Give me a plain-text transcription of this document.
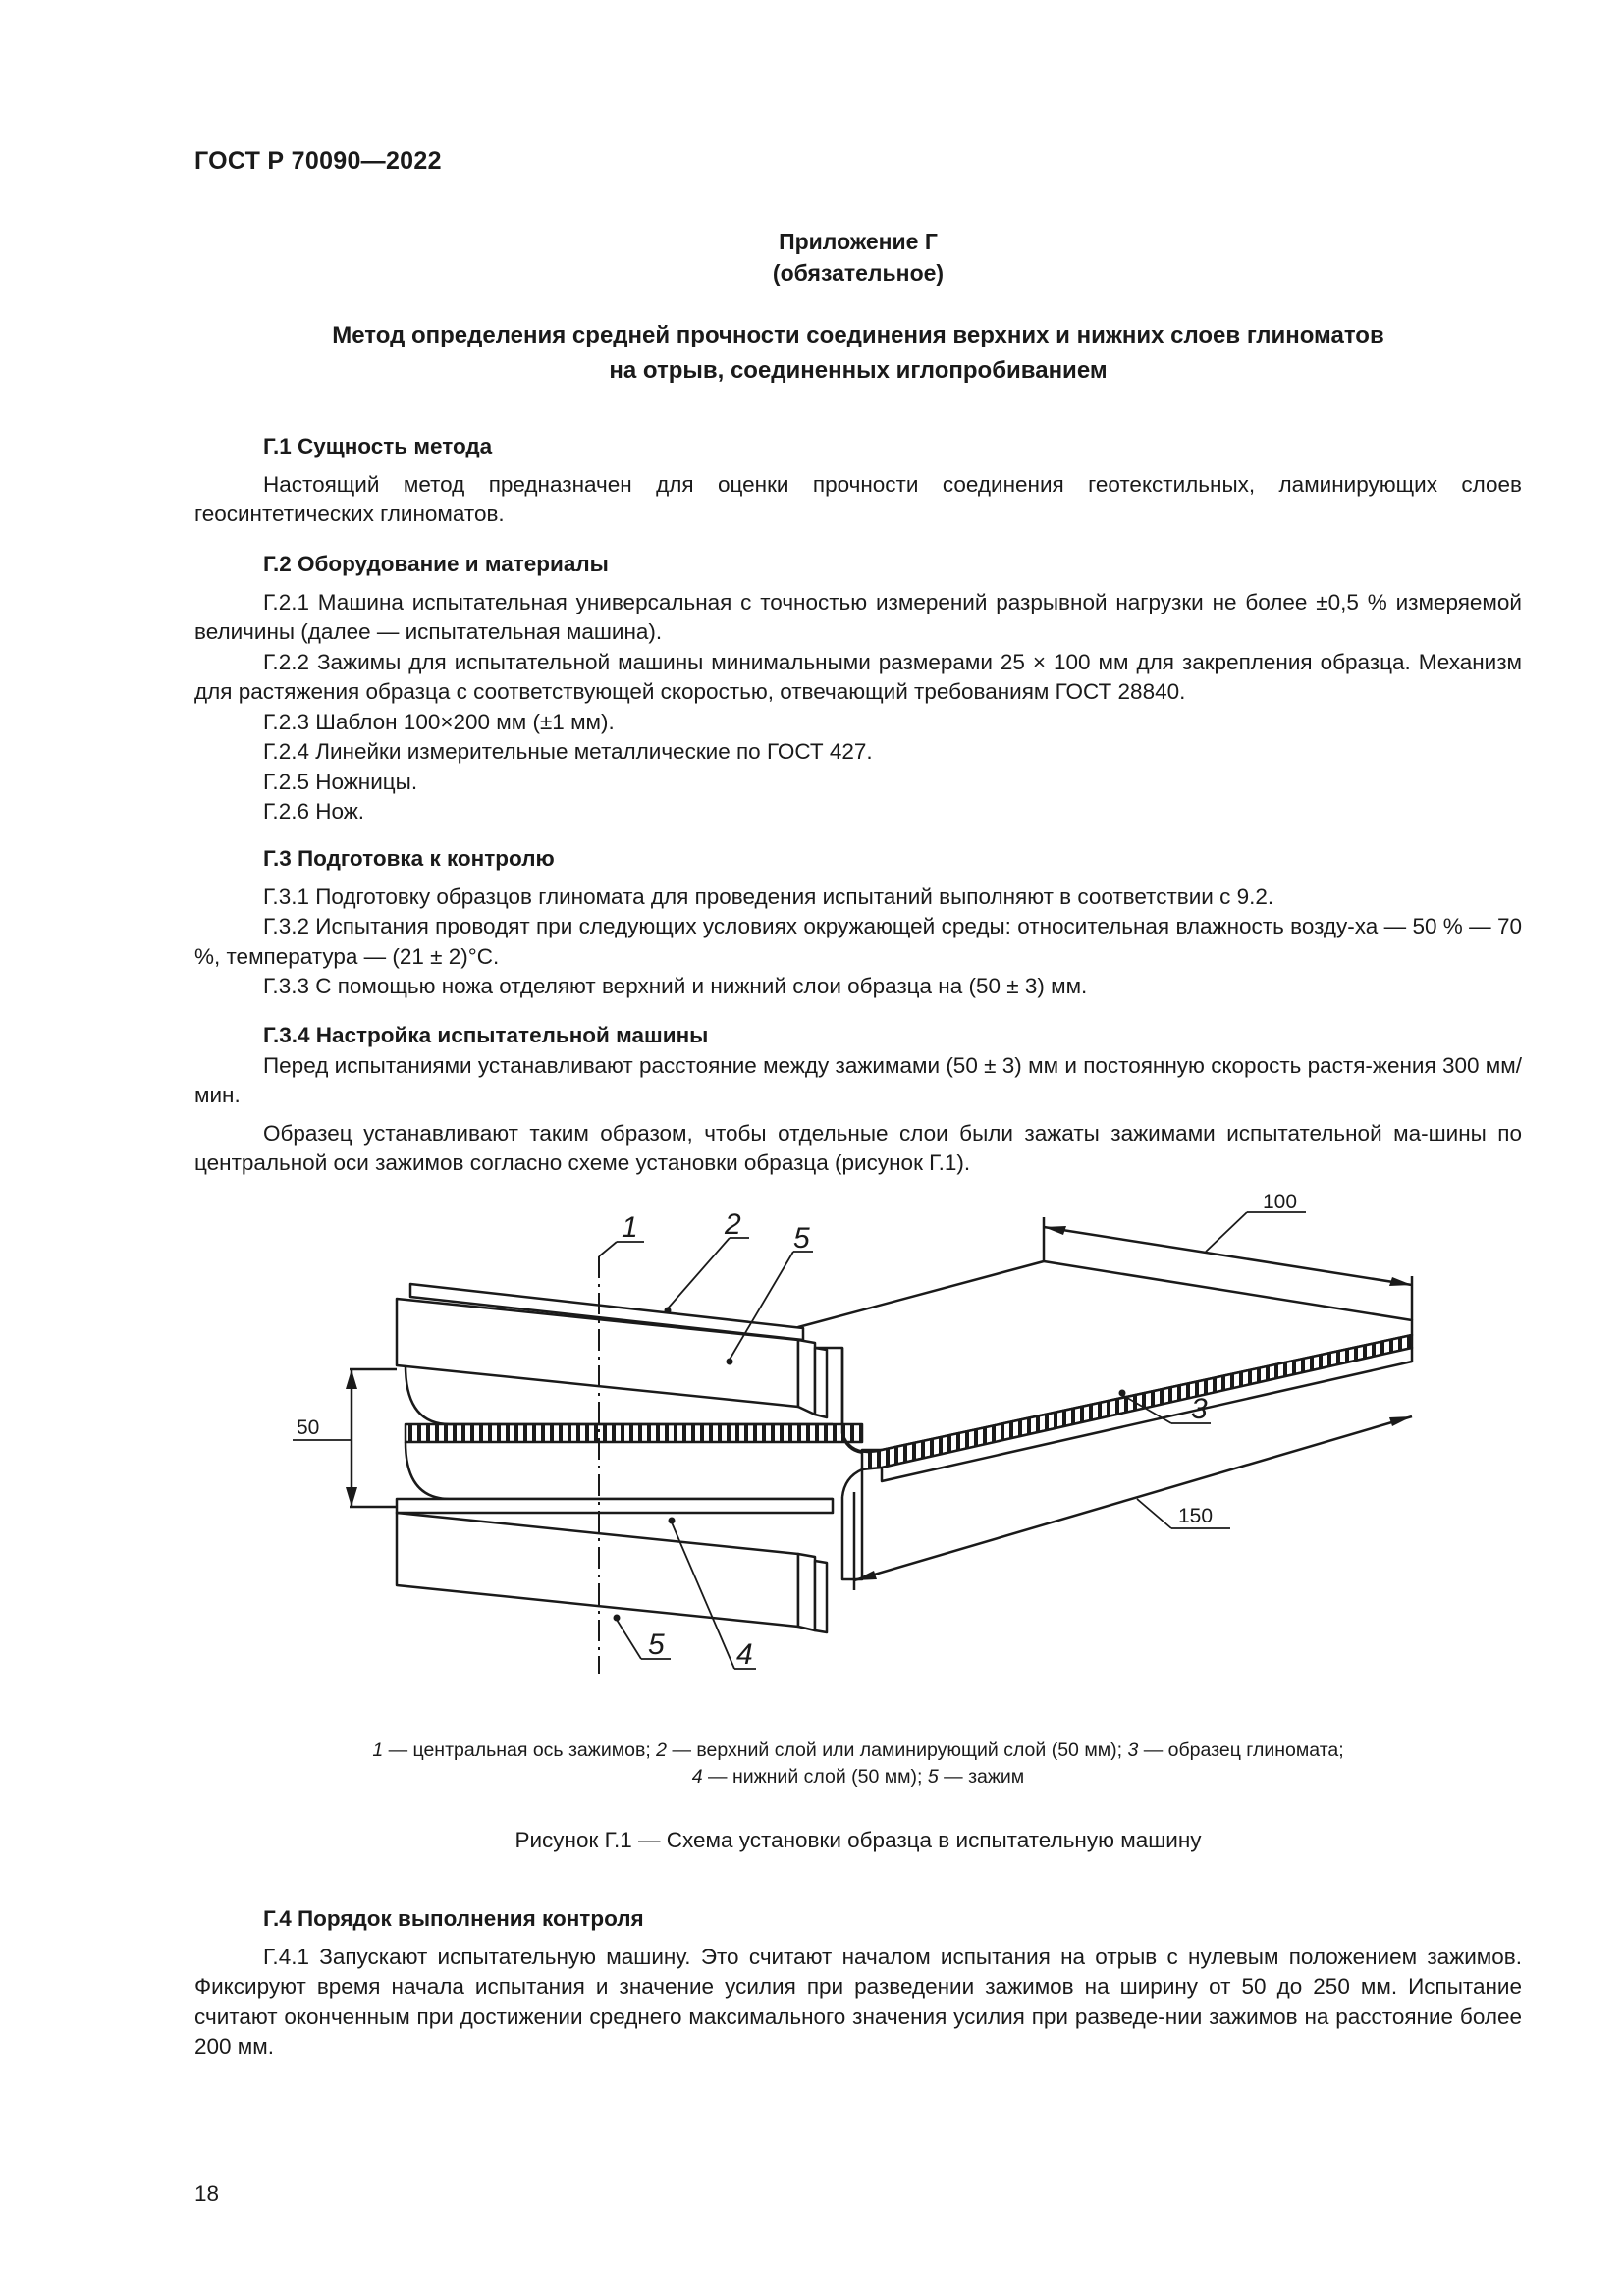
ГОСТ Р 70090—2022
Приложение Г
(обязательное)
Метод определения средней прочности соединения верхних и нижних слоев глиноматов
на отрыв, соединенных иглопробиванием

Г.1 Сущность метода

Настоящий метод предназначен для оценки прочности соединения геотекстильных, ламинирующих слоев геосинтетических глиноматов.

Г.2 Оборудование и материалы

Г.2.1 Машина испытательная универсальная с точностью измерений разрывной нагрузки не более ±0,5 % измеряемой величины (далее — испытательная машина).

Г.2.2 Зажимы для испытательной машины минимальными размерами 25 × 100 мм для закрепления образца. Механизм для растяжения образца с соответствующей скоростью, отвечающий требованиям ГОСТ 28840.

Г.2.3 Шаблон 100×200 мм (±1 мм).

Г.2.4 Линейки измерительные металлические по ГОСТ 427.

Г.2.5 Ножницы.

Г.2.6 Нож.

Г.3 Подготовка к контролю

Г.3.1 Подготовку образцов глиномата для проведения испытаний выполняют в соответствии с 9.2.

Г.3.2 Испытания проводят при следующих условиях окружающей среды: относительная влажность возду-ха — 50 % — 70 %, температура — (21 ± 2)°C.

Г.3.3 С помощью ножа отделяют верхний и нижний слои образца на (50 ± 3) мм.

Г.3.4 Настройка испытательной машины

Перед испытаниями устанавливают расстояние между зажимами (50 ± 3) мм и постоянную скорость растя-жения 300 мм/мин.

Образец устанавливают таким образом, чтобы отдельные слои были зажаты зажимами испытательной ма-шины по центральной оси зажимов согласно схеме установки образца (рисунок Г.1).

1	2 5
3
5 4
100
150
50
1 — центральная ось зажимов; 2 — верхний слой или ламинирующий слой (50 мм); 3 — образец глиномата;
4 — нижний слой (50 мм); 5 — зажим
Рисунок Г.1 — Схема установки образца в испытательную машину

Г.4 Порядок выполнения контроля

Г.4.1 Запускают испытательную машину. Это считают началом испытания на отрыв с нулевым положением зажимов. Фиксируют время начала испытания и значение усилия при разведении зажимов на ширину от 50 до 250 мм. Испытание считают оконченным при достижении среднего максимального значения усилия при разведе-нии зажимов на расстояние более 200 мм.

18
